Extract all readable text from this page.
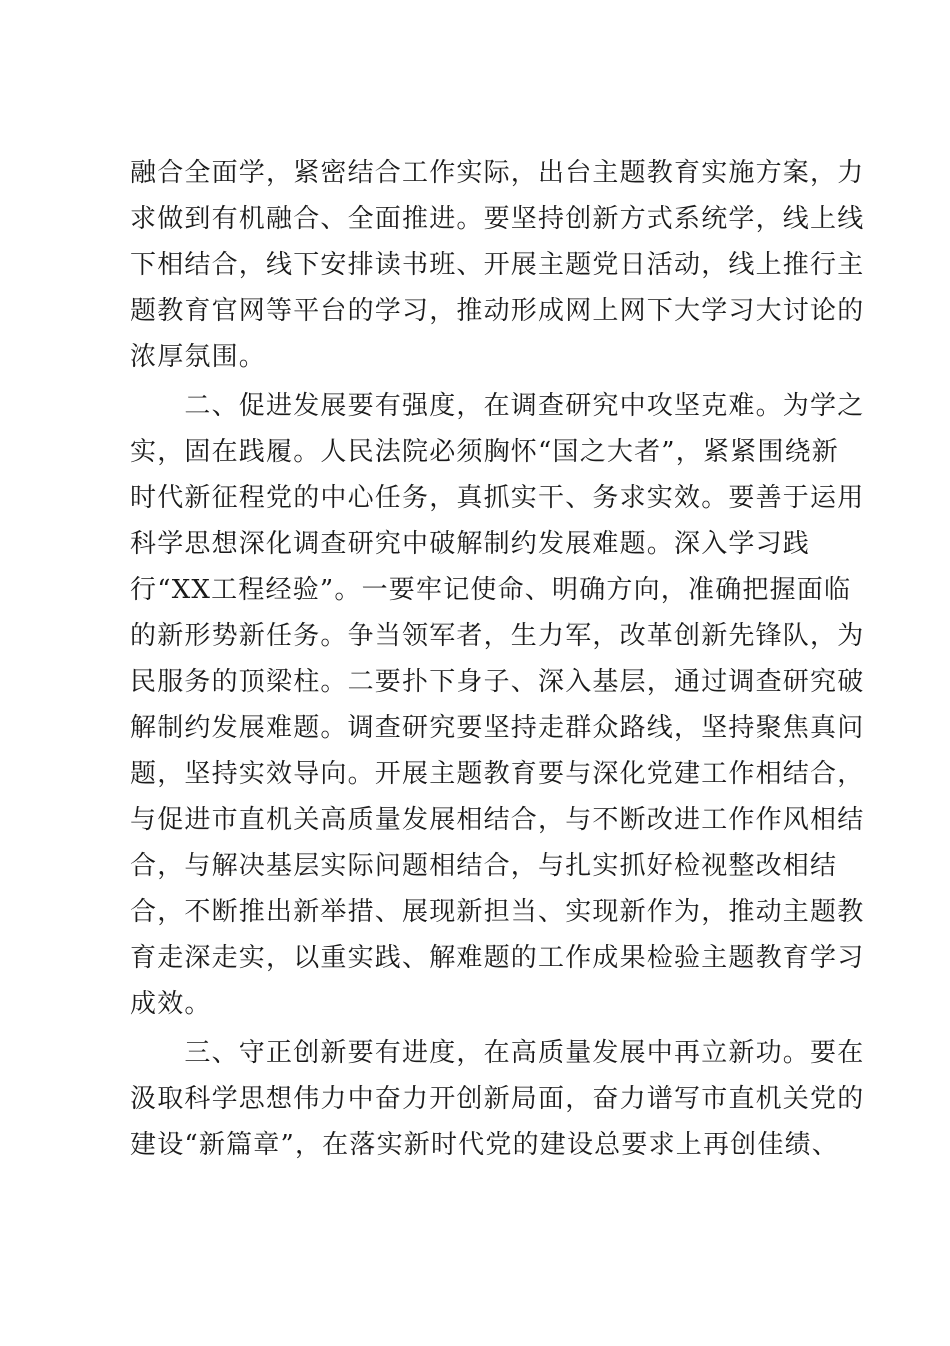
融合全面学，紧密结合工作实际，出台主题教育实施方案，力
求做到有机融合、全面推进。要坚持创新方式系统学，线上线
下相结合，线下安排读书班、开展主题党日活动，线上推行主
题教育官网等平台的学习，推动形成网上网下大学习大讨论的
浓厚氛围。
　　二、促进发展要有强度，在调查研究中攻坚克难。为学之
实，固在践履。人民法院必须胸怀“国之大者”，紧紧围绕新
时代新征程党的中心任务，真抓实干、务求实效。要善于运用
科学思想深化调查研究中破解制约发展难题。深入学习践
行“XX工程经验”。一要牢记使命、明确方向，准确把握面临
的新形势新任务。争当领军者，生力军，改革创新先锋队，为
民服务的顶梁柱。二要扑下身子、深入基层，通过调查研究破
解制约发展难题。调查研究要坚持走群众路线，坚持聚焦真问
题，坚持实效导向。开展主题教育要与深化党建工作相结合，
与促进市直机关高质量发展相结合，与不断改进工作作风相结
合，与解决基层实际问题相结合，与扎实抓好检视整改相结
合，不断推出新举措、展现新担当、实现新作为，推动主题教
育走深走实，以重实践、解难题的工作成果检验主题教育学习
成效。
　　三、守正创新要有进度，在高质量发展中再立新功。要在
汲取科学思想伟力中奋力开创新局面，奋力谱写市直机关党的
建设“新篇章”，在落实新时代党的建设总要求上再创佳绩、
